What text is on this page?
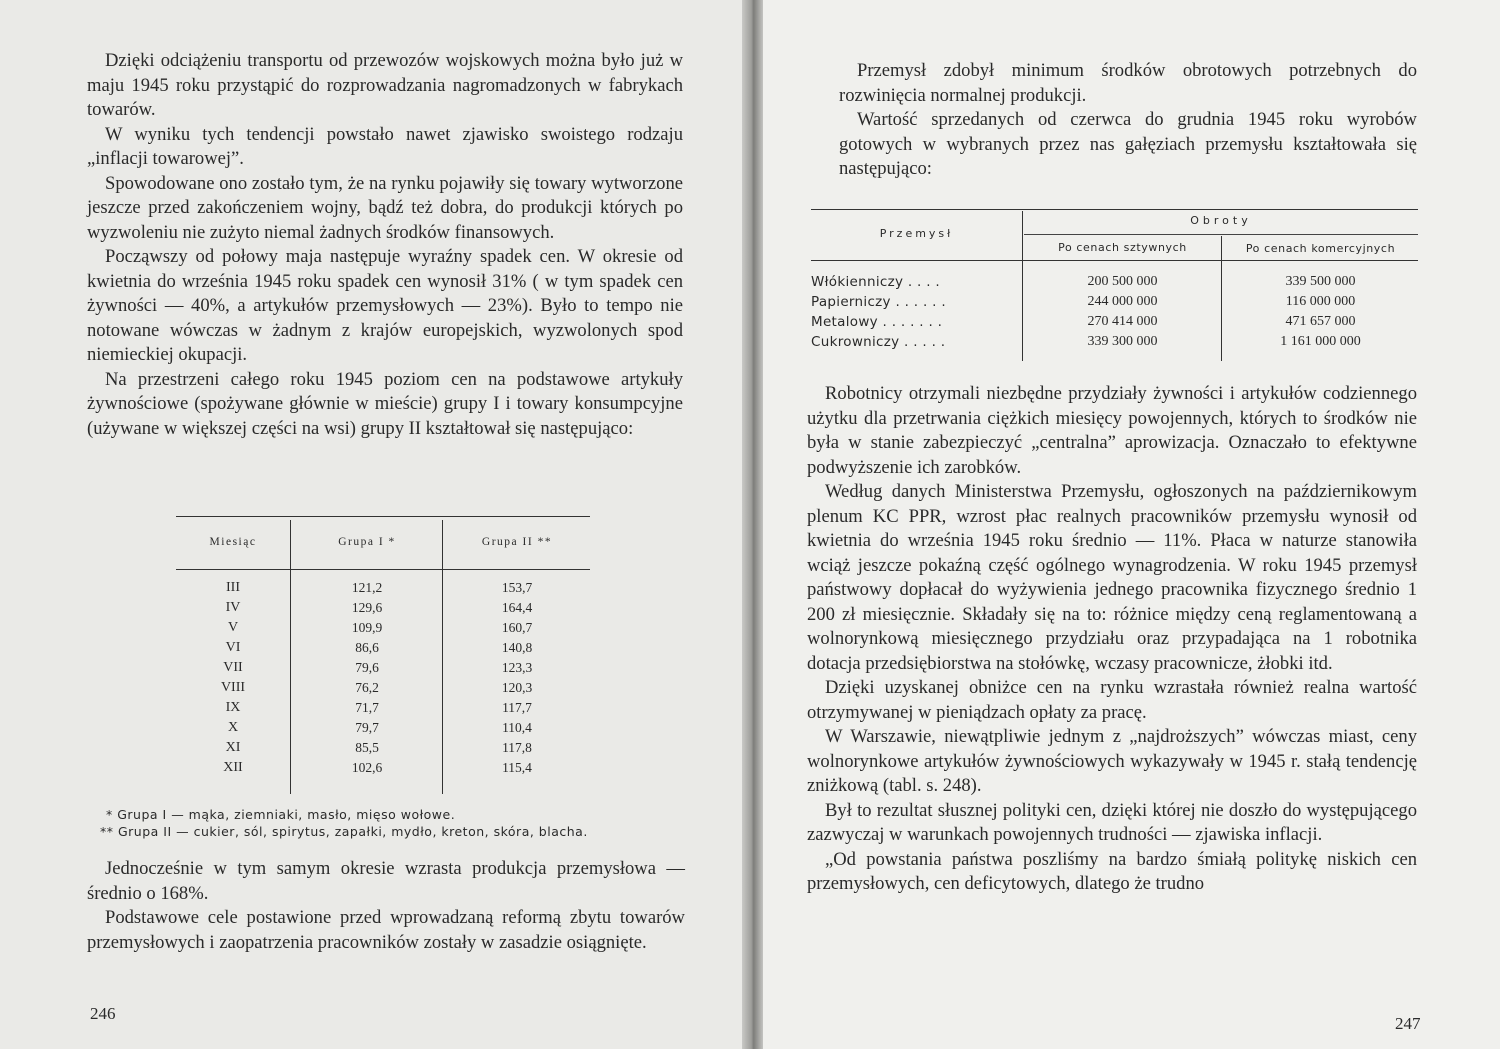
Dzięki odciążeniu transportu od przewozów wojskowych można było już w maju 1945 roku przystąpić do rozprowadzania nagromadzonych w fabrykach towarów.

W wyniku tych tendencji powstało nawet zjawisko swoistego rodzaju „inflacji towarowej”.

Spowodowane ono zostało tym, że na rynku pojawiły się towary wytworzone jeszcze przed zakończeniem wojny, bądź też dobra, do produkcji których po wyzwoleniu nie zużyto niemal żadnych środków finansowych.

Począwszy od połowy maja następuje wyraźny spadek cen. W okresie od kwietnia do września 1945 roku spadek cen wynosił 31% ( w tym spadek cen żywności — 40%, a artykułów przemysłowych — 23%). Było to tempo nie notowane wówczas w żadnym z krajów europejskich, wyzwolonych spod niemieckiej okupacji.

Na przestrzeni całego roku 1945 poziom cen na podstawowe artykuły żywnościowe (spożywane głównie w mieście) grupy I i towary konsumpcyjne (używane w większej części na wsi) grupy II kształtował się następująco:

Miesiąc	Grupa I *	Grupa II **
III	121,2	153,7
IV	129,6	164,4
V	109,9	160,7
VI	86,6	140,8
VII	79,6	123,3
VIII	76,2	120,3
IX	71,7	117,7
X	79,7	110,4
XI	85,5	117,8
XII	102,6	115,4
* Grupa I — mąka, ziemniaki, masło, mięso wołowe.
** Grupa II — cukier, sól, spirytus, zapałki, mydło, kreton, skóra, blacha.

Jednocześnie w tym samym okresie wzrasta produkcja przemysłowa — średnio o 168%.

Podstawowe cele postawione przed wprowadzaną reformą zbytu towarów przemysłowych i zaopatrzenia pracowników zostały w zasadzie osiągnięte.

246

Przemysł zdobył minimum środków obrotowych potrzebnych do rozwinięcia normalnej produkcji.

Wartość sprzedanych od czerwca do grudnia 1945 roku wyrobów gotowych w wybranych przez nas gałęziach przemysłu kształtowała się następująco:

Przemysł
Obroty
Po cenach sztywnych	Po cenach komercyjnych
Włókienniczy . . . .	200 500 000	339 500 000
Papierniczy . . . . . .	244 000 000	116 000 000
Metalowy . . . . . . .	270 414 000	471 657 000
Cukrowniczy . . . . .	339 300 000	1 161 000 000

Robotnicy otrzymali niezbędne przydziały żywności i artykułów codziennego użytku dla przetrwania ciężkich miesięcy powojennych, których to środków nie była w stanie zabezpieczyć „centralna” aprowizacja. Oznaczało to efektywne podwyższenie ich zarobków.

Według danych Ministerstwa Przemysłu, ogłoszonych na październikowym plenum KC PPR, wzrost płac realnych pracowników przemysłu wynosił od kwietnia do września 1945 roku średnio — 11%. Płaca w naturze stanowiła wciąż jeszcze pokaźną część ogólnego wynagrodzenia. W roku 1945 przemysł państwowy dopłacał do wyżywienia jednego pracownika fizycznego średnio 1 200 zł miesięcznie. Składały się na to: różnice między ceną reglamentowaną a wolnorynkową miesięcznego przydziału oraz przypadająca na 1 robotnika dotacja przedsiębiorstwa na stołówkę, wczasy pracownicze, żłobki itd.

Dzięki uzyskanej obniżce cen na rynku wzrastała również realna wartość otrzymywanej w pieniądzach opłaty za pracę.

W Warszawie, niewątpliwie jednym z „najdroższych” wówczas miast, ceny wolnorynkowe artykułów żywnościowych wykazywały w 1945 r. stałą tendencję zniżkową (tabl. s. 248).

Był to rezultat słusznej polityki cen, dzięki której nie doszło do występującego zazwyczaj w warunkach powojennych trudności — zjawiska inflacji.

„Od powstania państwa poszliśmy na bardzo śmiałą politykę niskich cen przemysłowych, cen deficytowych, dlatego że trudno

247
